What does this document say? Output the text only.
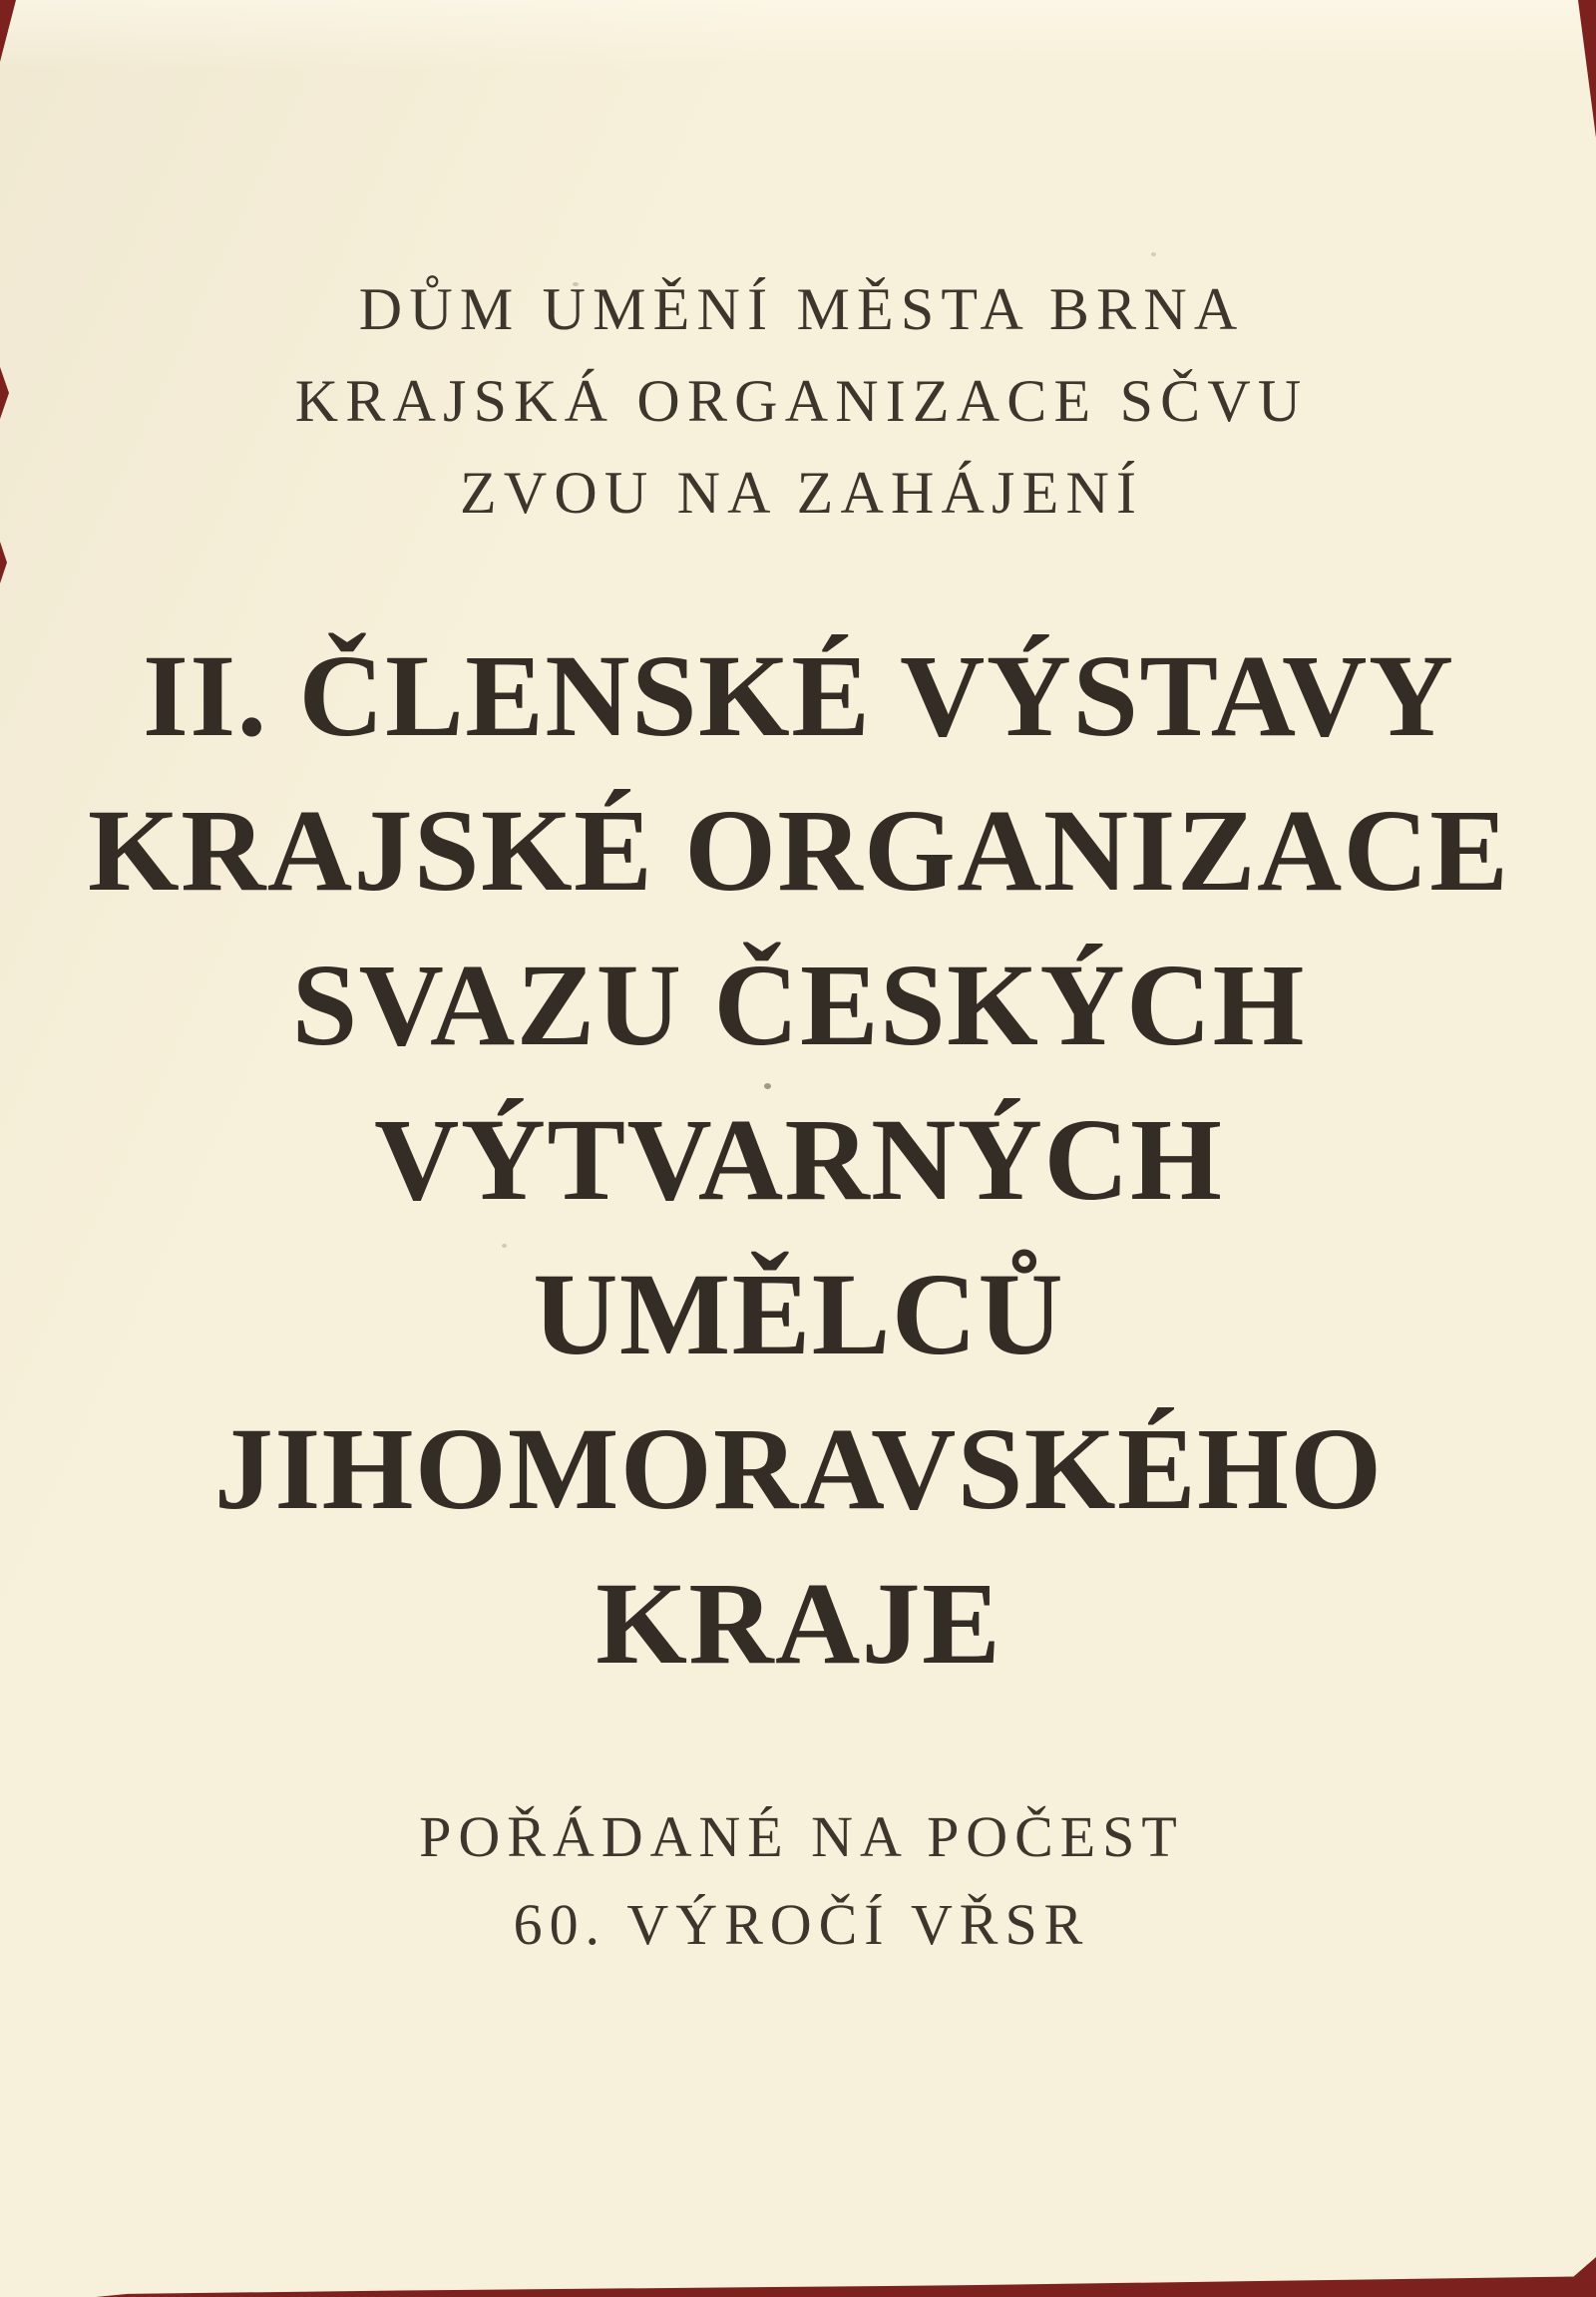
DŮM UMĚNÍ MĚSTA BRNA
KRAJSKÁ ORGANIZACE SČVU
ZVOU NA ZAHÁJENÍ
II. ČLENSKÉ VÝSTAVY
KRAJSKÉ ORGANIZACE
SVAZU ČESKÝCH
VÝTVARNÝCH
UMĚLCŮ
JIHOMORAVSKÉHO
KRAJE
POŘÁDANÉ NA POČEST
60. VÝROČÍ VŘSR
